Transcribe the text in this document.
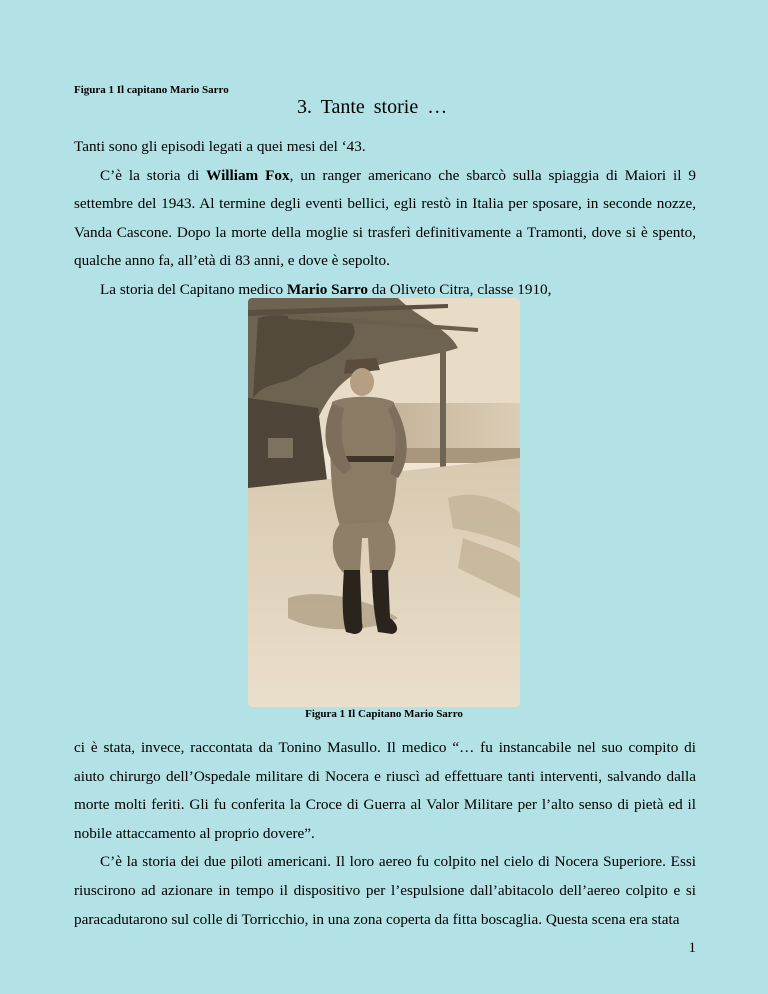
Figura 1 Il capitano Mario Sarro
3. Tante storie …

Tanti sono gli episodi legati a quei mesi del ‘43.

C’è la storia di William Fox, un ranger americano che sbarcò sulla spiaggia di Maiori il 9 settembre del 1943. Al termine degli eventi bellici, egli restò in Italia per sposare, in seconde nozze, Vanda Cascone. Dopo la morte della moglie si trasferì definitivamente a Tramonti, dove si è spento, qualche anno fa, all’età di 83 anni, e dove è sepolto.

La storia del Capitano medico Mario Sarro da Oliveto Citra, classe 1910,

Figura 1 Il Capitano Mario Sarro

ci è stata, invece, raccontata da Tonino Masullo. Il medico “… fu instancabile nel suo compito di aiuto chirurgo dell’Ospedale militare di Nocera e riuscì ad effettuare tanti interventi, salvando dalla morte molti feriti. Gli fu conferita la Croce di Guerra al Valor Militare per l’alto senso di pietà ed il nobile attaccamento al proprio dovere”.

C’è la storia dei due piloti americani. Il loro aereo fu colpito nel cielo di Nocera Superiore. Essi riuscirono ad azionare in tempo il dispositivo per l’espulsione dall’abitacolo dell’aereo colpito e si paracadutarono sul colle di Torricchio, in una zona coperta da fitta boscaglia. Questa scena era stata

1
